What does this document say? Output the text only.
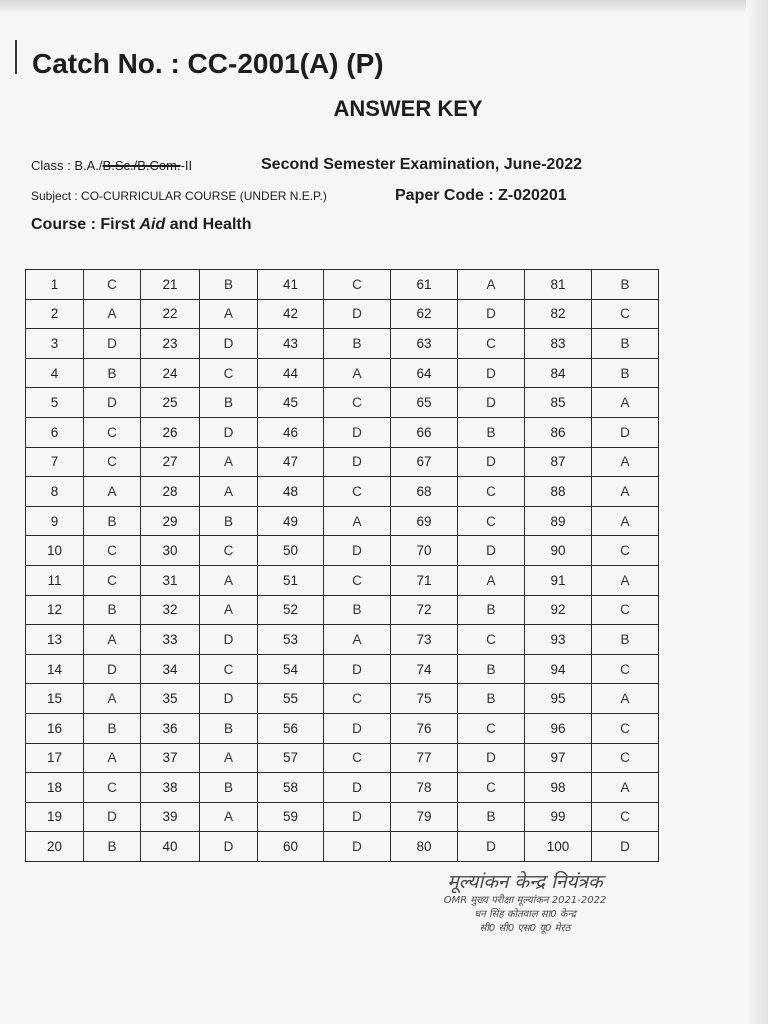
Catch No. : CC-2001(A) (P)
ANSWER KEY
Class : B.A./B.Sc./B.Com.-II	Second Semester Examination, June-2022
Subject : CO-CURRICULAR COURSE (UNDER N.E.P.)	Paper Code : Z-020201
Course : First Aid and Health
1	C	21	B	41	C	61	A	81	B
2	A	22	A	42	D	62	D	82	C
3	D	23	D	43	B	63	C	83	B
4	B	24	C	44	A	64	D	84	B
5	D	25	B	45	C	65	D	85	A
6	C	26	D	46	D	66	B	86	D
7	C	27	A	47	D	67	D	87	A
8	A	28	A	48	C	68	C	88	A
9	B	29	B	49	A	69	C	89	A
10	C	30	C	50	D	70	D	90	C
11	C	31	A	51	C	71	A	91	A
12	B	32	A	52	B	72	B	92	C
13	A	33	D	53	A	73	C	93	B
14	D	34	C	54	D	74	B	94	C
15	A	35	D	55	C	75	B	95	A
16	B	36	B	56	D	76	C	96	C
17	A	37	A	57	C	77	D	97	C
18	C	38	B	58	D	78	C	98	A
19	D	39	A	59	D	79	B	99	C
20	B	40	D	60	D	80	D	100	D
मूल्यांकन केन्द्र नियंत्रक
OMR मुख्य परीक्षा मूल्यांकन 2021-2022
धन सिंह कोतवाल सा0 केन्द्र
सी0 सी0 एस0 यू0 मेरठ
